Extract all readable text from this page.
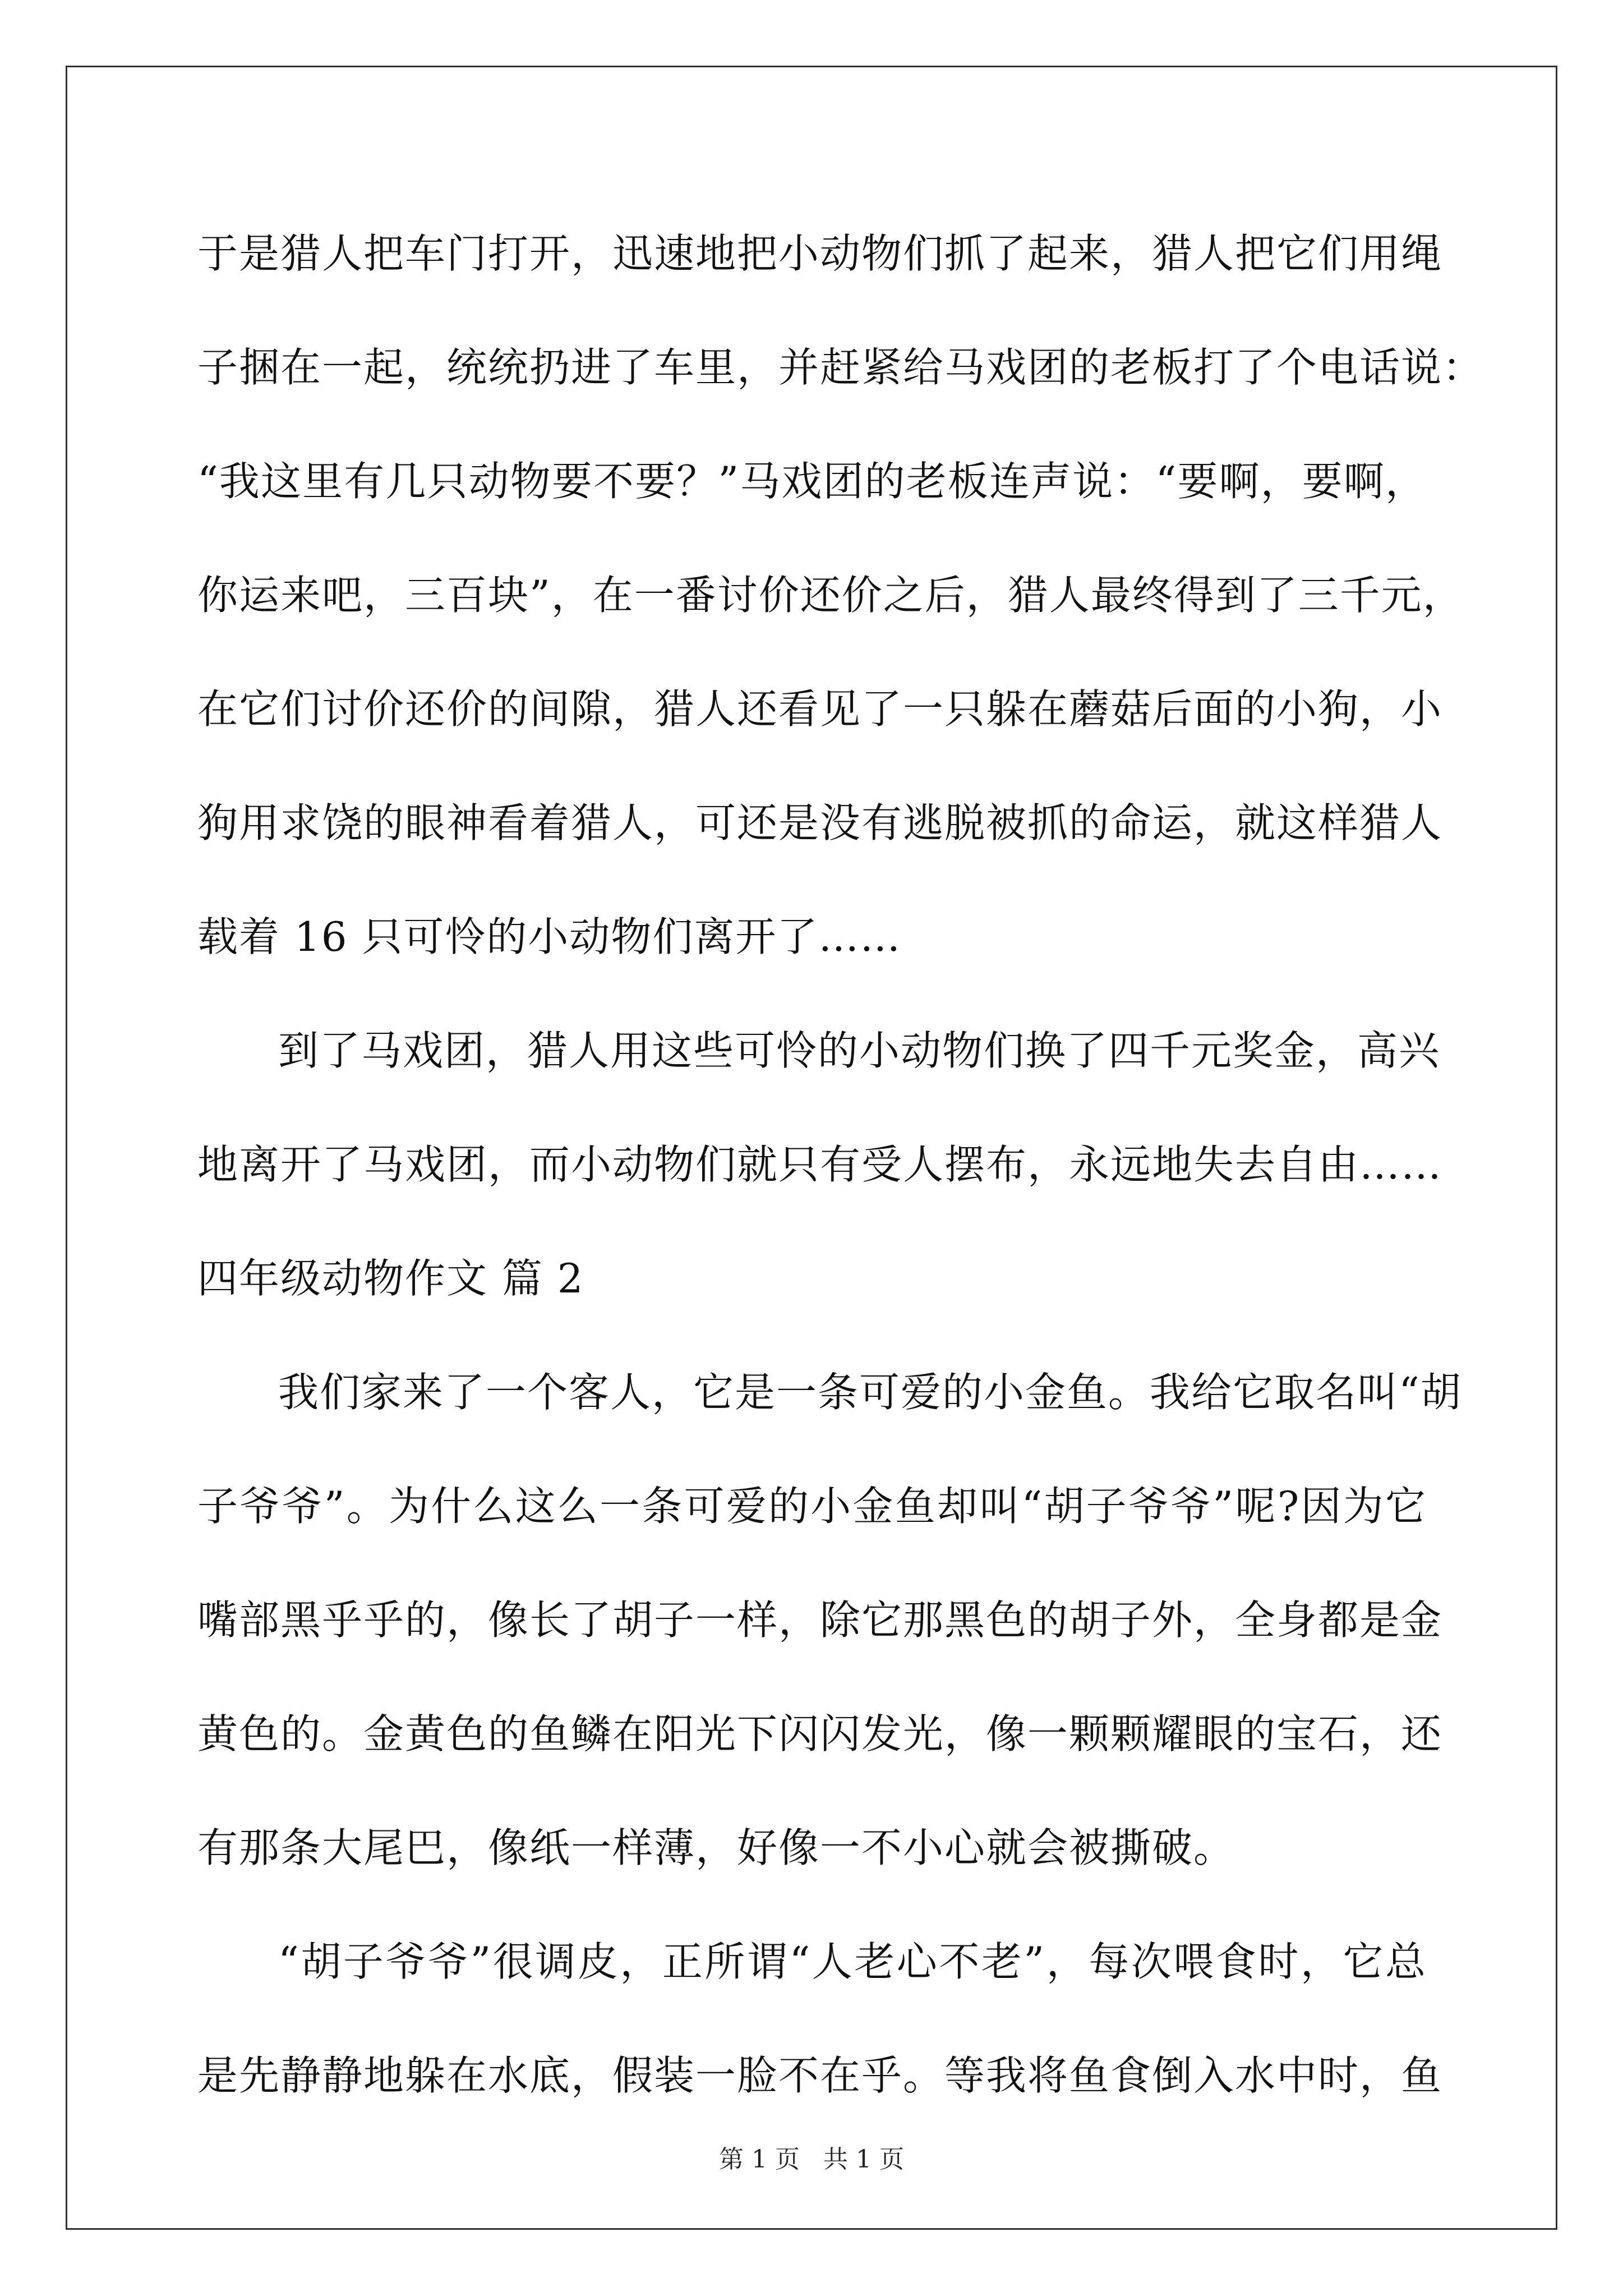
于是猎人把车门打开，迅速地把小动物们抓了起来，猎人把它们用绳
子捆在一起，统统扔进了车里，并赶紧给马戏团的老板打了个电话说：
“我这里有几只动物要不要？”马戏团的老板连声说：“要啊，要啊，
你运来吧，三百块”，在一番讨价还价之后，猎人最终得到了三千元，
在它们讨价还价的间隙，猎人还看见了一只躲在蘑菇后面的小狗，小
狗用求饶的眼神看着猎人，可还是没有逃脱被抓的命运，就这样猎人
载着 16 只可怜的小动物们离开了……
到了马戏团，猎人用这些可怜的小动物们换了四千元奖金，高兴
地离开了马戏团，而小动物们就只有受人摆布，永远地失去自由……
四年级动物作文 篇 2
我们家来了一个客人，它是一条可爱的小金鱼。我给它取名叫“胡
子爷爷”。为什么这么一条可爱的小金鱼却叫“胡子爷爷”呢?因为它
嘴部黑乎乎的，像长了胡子一样，除它那黑色的胡子外，全身都是金
黄色的。金黄色的鱼鳞在阳光下闪闪发光，像一颗颗耀眼的宝石，还
有那条大尾巴，像纸一样薄，好像一不小心就会被撕破。
“胡子爷爷”很调皮，正所谓“人老心不老”，每次喂食时，它总
是先静静地躲在水底，假装一脸不在乎。等我将鱼食倒入水中时，鱼
第 1 页 共 1 页
